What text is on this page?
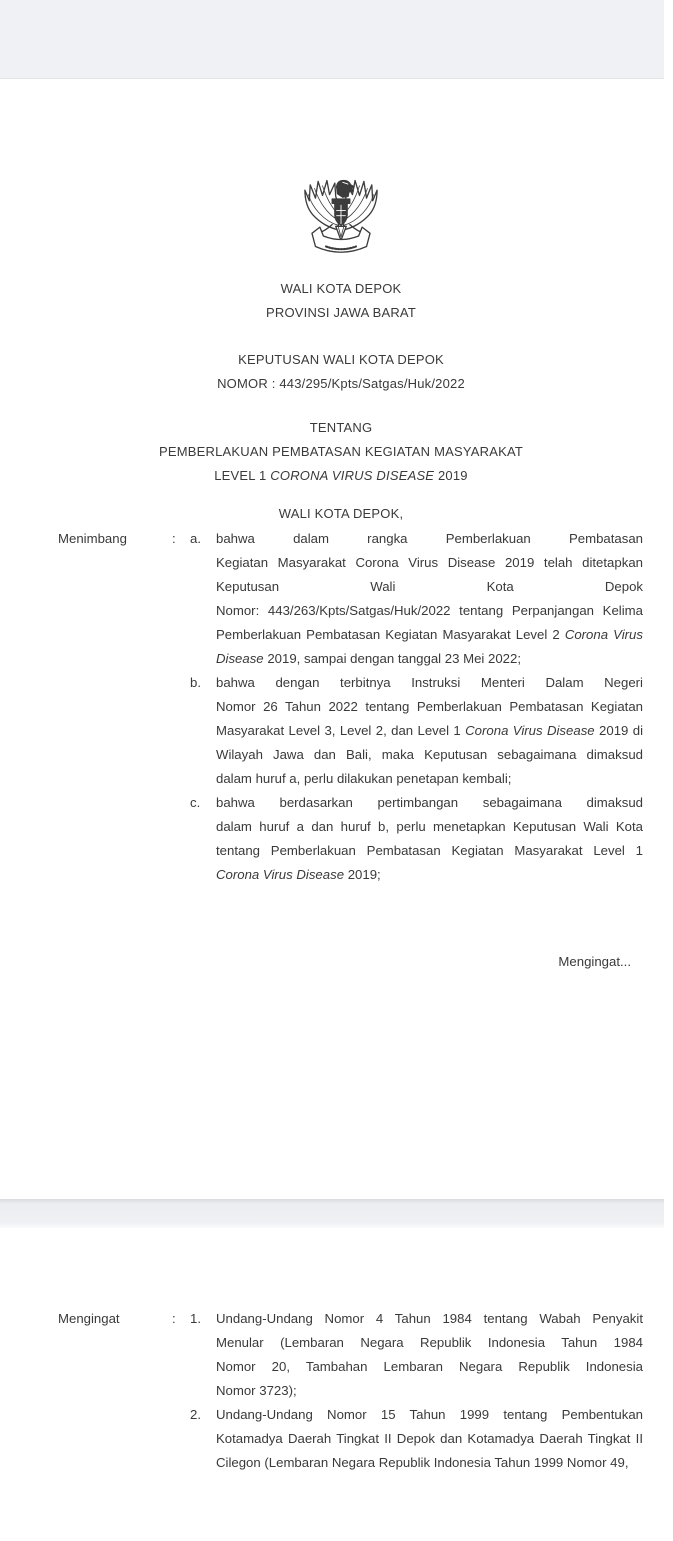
WALI KOTA DEPOK
PROVINSI JAWA BARAT
KEPUTUSAN WALI KOTA DEPOK
NOMOR : 443/295/Kpts/Satgas/Huk/2022
TENTANG
PEMBERLAKUAN PEMBATASAN KEGIATAN MASYARAKAT
LEVEL 1 CORONA VIRUS DISEASE 2019
WALI KOTA DEPOK,
Menimbang	:	a.	bahwa dalam rangka Pemberlakuan Pembatasan
Kegiatan Masyarakat Corona Virus Disease 2019 telah ditetapkan
Keputusan Wali Kota Depok
Nomor: 443/263/Kpts/Satgas/Huk/2022 tentang Perpanjangan Kelima
Pemberlakuan Pembatasan Kegiatan Masyarakat Level 2 Corona Virus
Disease 2019, sampai dengan tanggal 23 Mei 2022;
b.	bahwa dengan terbitnya Instruksi Menteri Dalam Negeri
Nomor 26 Tahun 2022 tentang Pemberlakuan Pembatasan Kegiatan
Masyarakat Level 3, Level 2, dan Level 1 Corona Virus Disease 2019 di
Wilayah Jawa dan Bali, maka Keputusan sebagaimana dimaksud
dalam huruf a, perlu dilakukan penetapan kembali;
c.	bahwa berdasarkan pertimbangan sebagaimana dimaksud
dalam huruf a dan huruf b, perlu menetapkan Keputusan Wali Kota
tentang Pemberlakuan Pembatasan Kegiatan Masyarakat Level 1
Corona Virus Disease 2019;
Mengingat...
Mengingat	:	1.	Undang-Undang Nomor 4 Tahun 1984 tentang Wabah Penyakit
Menular (Lembaran Negara Republik Indonesia Tahun 1984
Nomor 20, Tambahan Lembaran Negara Republik Indonesia
Nomor 3723);
2.	Undang-Undang Nomor 15 Tahun 1999 tentang Pembentukan
Kotamadya Daerah Tingkat II Depok dan Kotamadya Daerah Tingkat II
Cilegon (Lembaran Negara Republik Indonesia Tahun 1999 Nomor 49,
